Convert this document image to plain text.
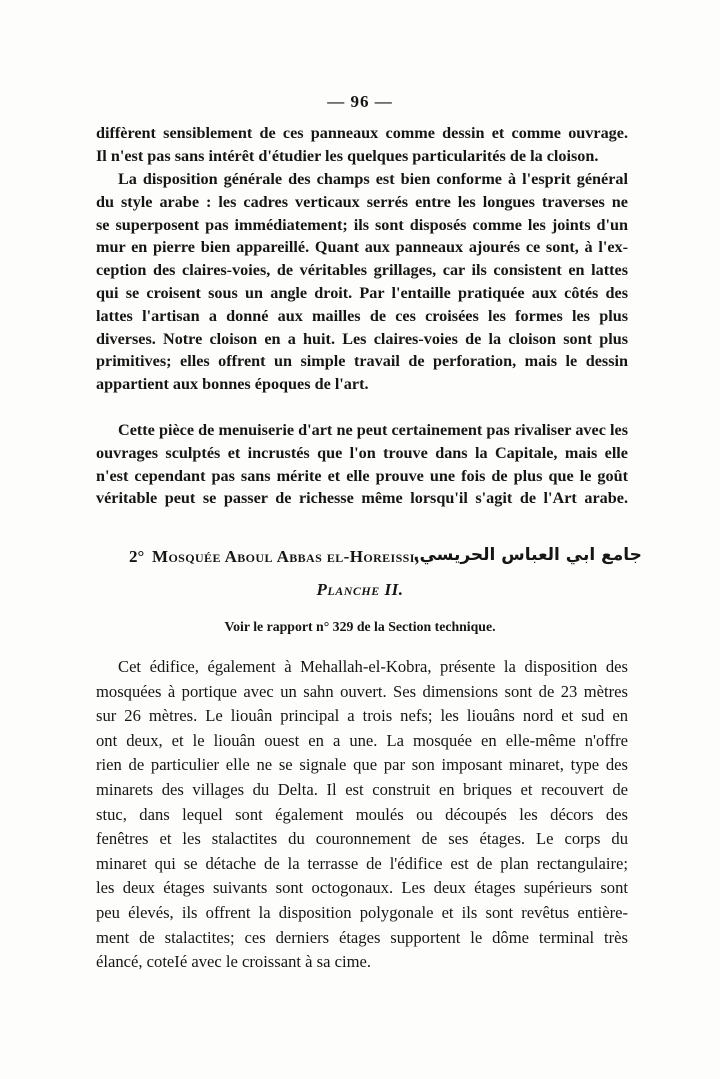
— 96 —
diffèrent sensiblement de ces panneaux comme dessin et comme ouvrage.
Il n'est pas sans intérêt d'étudier les quelques particularités de la cloison.
La disposition générale des champs est bien conforme à l'esprit général
du style arabe : les cadres verticaux serrés entre les longues traverses ne
se superposent pas immédiatement; ils sont disposés comme les joints d'un
mur en pierre bien appareillé. Quant aux panneaux ajourés ce sont, à l'ex-
ception des claires-voies, de véritables grillages, car ils consistent en lattes
qui se croisent sous un angle droit. Par l'entaille pratiquée aux côtés des
lattes l'artisan a donné aux mailles de ces croisées les formes les plus
diverses. Notre cloison en a huit. Les claires-voies de la cloison sont plus
primitives; elles offrent un simple travail de perforation, mais le dessin
appartient aux bonnes époques de l'art.
Cette pièce de menuiserie d'art ne peut certainement pas rivaliser avec les
ouvrages sculptés et incrustés que l'on trouve dans la Capitale, mais elle
n'est cependant pas sans mérite et elle prouve une fois de plus que le goût
véritable peut se passer de richesse même lorsqu'il s'agit de l'Art arabe.
2° Mosquée Aboul Abbas el-Horeissi,
جامع ابي العباس الحريسي.
Planche II.
Voir le rapport n° 329 de la Section technique.
Cet édifice, également à Mehallah-el-Kobra, présente la disposition des
mosquées à portique avec un sahn ouvert. Ses dimensions sont de 23 mètres
sur 26 mètres. Le liouân principal a trois nefs; les liouâns nord et sud en
ont deux, et le liouân ouest en a une. La mosquée en elle-même n'offre
rien de particulier elle ne se signale que par son imposant minaret, type des
minarets des villages du Delta. Il est construit en briques et recouvert de
stuc, dans lequel sont également moulés ou découpés les décors des
fenêtres et les stalactites du couronnement de ses étages. Le corps du
minaret qui se détache de la terrasse de l'édifice est de plan rectangulaire;
les deux étages suivants sont octogonaux. Les deux étages supérieurs sont
peu élevés, ils offrent la disposition polygonale et ils sont revêtus entière-
ment de stalactites; ces derniers étages supportent le dôme terminal très
élancé, coteIé avec le croissant à sa cime.
